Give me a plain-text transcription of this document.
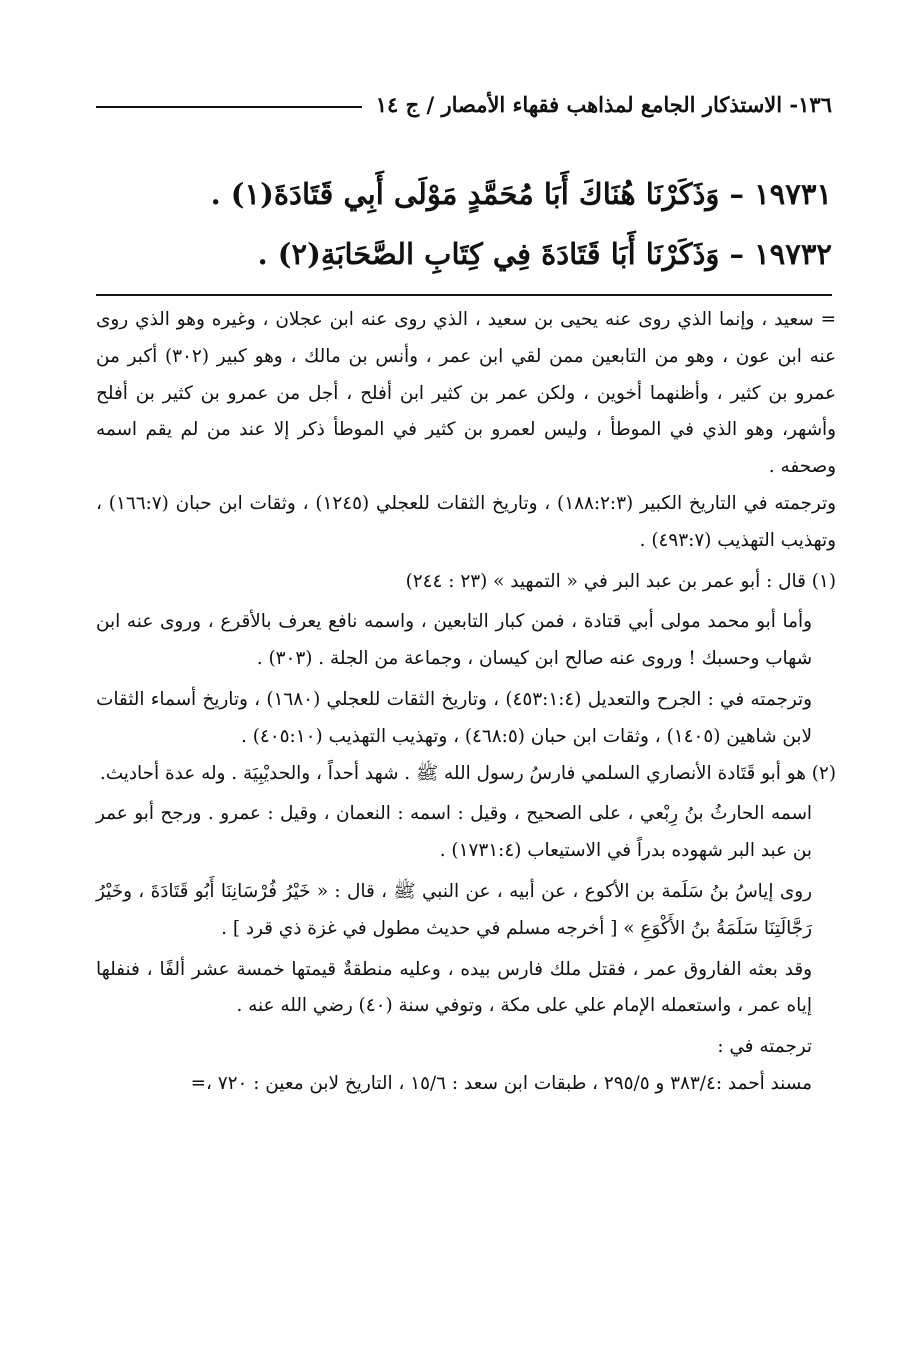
١٣٦- الاستذكار الجامع لمذاهب فقهاء الأمصار / ج ١٤
١٩٧٣١ – وَذَكَرْنَا هُنَاكَ أَبَا مُحَمَّدٍ مَوْلَى أَبِي قَتَادَةَ(١) .
١٩٧٣٢ – وَذَكَرْنَا أَبَا قَتَادَةَ فِي كِتَابِ الصَّحَابَةِ(٢) .

= سعيد ، وإنما الذي روى عنه يحيى بن سعيد ، الذي روى عنه ابن عجلان ، وغيره وهو الذي روى عنه ابن عون ، وهو من التابعين ممن لقي ابن عمر ، وأنس بن مالك ، وهو كبير (٣٠٢) أكبر من عمرو بن كثير ، وأظنهما أخوين ، ولكن عمر بن كثير ابن أفلح ، أجل من عمرو بن كثير بن أفلح وأشهر، وهو الذي في الموطأ ، وليس لعمرو بن كثير في الموطأ ذكر إلا عند من لم يقم اسمه وصحفه .

وترجمته في التاريخ الكبير (١٨٨:٢:٣) ، وتاريخ الثقات للعجلي (١٢٤٥) ، وثقات ابن حبان (١٦٦:٧) ، وتهذيب التهذيب (٤٩٣:٧) .

(١) قال : أبو عمر بن عبد البر في « التمهيد » (٢٣ : ٢٤٤)

وأما أبو محمد مولى أبي قتادة ، فمن كبار التابعين ، واسمه نافع يعرف بالأقرع ، وروى عنه ابن شهاب وحسبك ! وروى عنه صالح ابن كيسان ، وجماعة من الجلة . (٣٠٣) .

وترجمته في : الجرح والتعديل (٤٥٣:١:٤) ، وتاريخ الثقات للعجلي (١٦٨٠) ، وتاريخ أسماء الثقات لابن شاهين (١٤٠٥) ، وثقات ابن حبان (٤٦٨:٥) ، وتهذيب التهذيب (٤٠٥:١٠) .

(٢) هو أبو قَتَادة الأنصاري السلمي فارسُ رسول الله ﷺ . شهد أحداً ، والحديْبِيَة . وله عدة أحاديث.

اسمه الحارثُ بنُ رِبْعي ، على الصحيح ، وقيل : اسمه : النعمان ، وقيل : عمرو . ورجح أبو عمر بن عبد البر شهوده بدراً في الاستيعاب (١٧٣١:٤) .

روى إياسُ بنُ سَلَمة بن الأكوع ، عن أبيه ، عن النبي ﷺ ، قال : « خَيْرُ فُرْسَانِنَا أَبُو قَتَادَةَ ، وخَيْرُ رَجَّالَتِنَا سَلَمَةُ بنُ الأَكْوَعِ » [ أخرجه مسلم في حديث مطول في غزة ذي قرد ] .

وقد بعثه الفاروق عمر ، فقتل ملك فارس بيده ، وعليه منطقةٌ قيمتها خمسة عشر ألفًا ، فنفلها إياه عمر ، واستعمله الإمام علي على مكة ، وتوفي سنة (٤٠) رضي الله عنه .

ترجمته في :

مسند أحمد :٣٨٣/٤ و ٢٩٥/٥ ، طبقات ابن سعد : ١٥/٦ ، التاريخ لابن معين : ٧٢٠ ،=
